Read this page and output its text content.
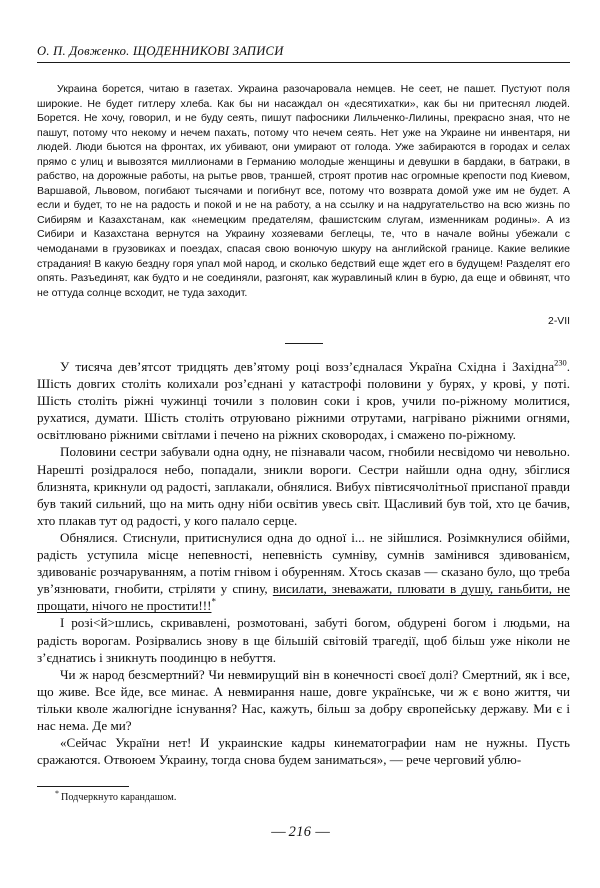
О. П. Довженко. ЩОДЕННИКОВІ ЗАПИСИ

Украина борется, читаю в газетах. Украина разочаровала немцев. Не сеет, не пашет. Пустуют поля широкие. Не будет гитлеру хлеба. Как бы ни насаждал он «десятихатки», как бы ни притеснял людей. Борется. Не хочу, говорил, и не буду сеять, пишут пафосники Лильченко-Лилины, прекрасно зная, что не пашут, потому что некому и нечем пахать, потому что нечем сеять. Нет уже на Украине ни инвентаря, ни людей. Люди бьются на фронтах, их убивают, они умирают от голода. Уже забираются в городах и селах прямо с улиц и вывозятся миллионами в Германию молодые женщины и девушки в бардаки, в батраки, в рабство, на дорожные работы, на рытье рвов, траншей, строят против нас огромные крепости под Киевом, Варшавой, Львовом, погибают тысячами и погибнут все, потому что возврата домой уже им не будет. А если и будет, то не на радость и покой и не на работу, а на ссылку и на надругательство на всю жизнь по Сибирям и Казахстанам, как «немецким предателям, фашистским слугам, изменникам родины». А из Сибири и Казахстана вернутся на Украину хозяевами беглецы, те, что в начале войны убежали с чемоданами в грузовиках и поездах, спасая свою вонючую шкуру на английской границе. Какие великие страдания! В какую бездну горя упал мой народ, и сколько бедствий еще ждет его в будущем! Разделят его опять. Разъединят, как будто и не соединяли, разгонят, как журавлиный клин в бурю, да еще и обвинят, что не оттуда солнце всходит, не туда заходит.

2-VII

У тисяча дев’ятсот тридцять дев’ятому році возз’єдналася Україна Східна і Західна$^{230}$. Шість довгих століть колихали роз’єднані у катастрофі половини у бурях, у крові, у поті. Шість століть ріжні чужинці точили з половин соки і кров, учили по-ріжному молитися, рухатися, думати. Шість століть отруювано ріжними отрутами, нагрівано ріжними огнями, освітлювано ріжними світлами і печено на ріжних сковородах, і смажено по-ріжному.

Половини сестри забували одна одну, не пізнавали часом, гнобили несвідомо чи невольно. Нарешті розідралося небо, попадали, зникли вороги. Сестри найшли одна одну, збіглися близнята, крикнули од радості, заплакали, обнялися. Вибух півтисячолітньої приспаної правди був такий сильний, що на мить одну ніби освітив увесь світ. Щасливий був той, хто це бачив, хто плакав тут од радості, у кого палало серце.

Обнялися. Стиснули, притиснулися одна до одної і... не зійшлися. Розімкнулися обійми, радість уступила місце непевності, непевність сумніву, сумнів замінився здивованієм, здивованіє розчаруванням, а потім гнівом і обуренням. Хтось сказав — сказано було, що треба ув’язнювати, гнобити, стріляти у спину, висилати, зневажати, плювати в душу, ганьбити, не прощати, нічого не простити!!!*

І розі<й>шлись, скривавлені, розмотовані, забуті богом, обдурені богом і людьми, на радість ворогам. Розірвались знову в ще більшій світовій трагедії, щоб більш уже ніколи не з’єднатись і зникнуть поодинцю в небуття.

Чи ж народ безсмертний? Чи невмирущий він в конечності своєї долі? Смертний, як і все, що живе. Все йде, все минає. А невмирання наше, довге українське, чи ж є воно життя, чи тільки кволе жалюгідне існування? Нас, кажуть, більш за добру європейську державу. Ми є і нас нема. Де ми?

«Сейчас України нет! И украинские кадры кинематографии нам не нужны. Пусть сражаются. Отвоюем Украину, тогда снова будем заниматься», — рече черговий ублю-

* Подчеркнуто карандашом.
— 216 —
